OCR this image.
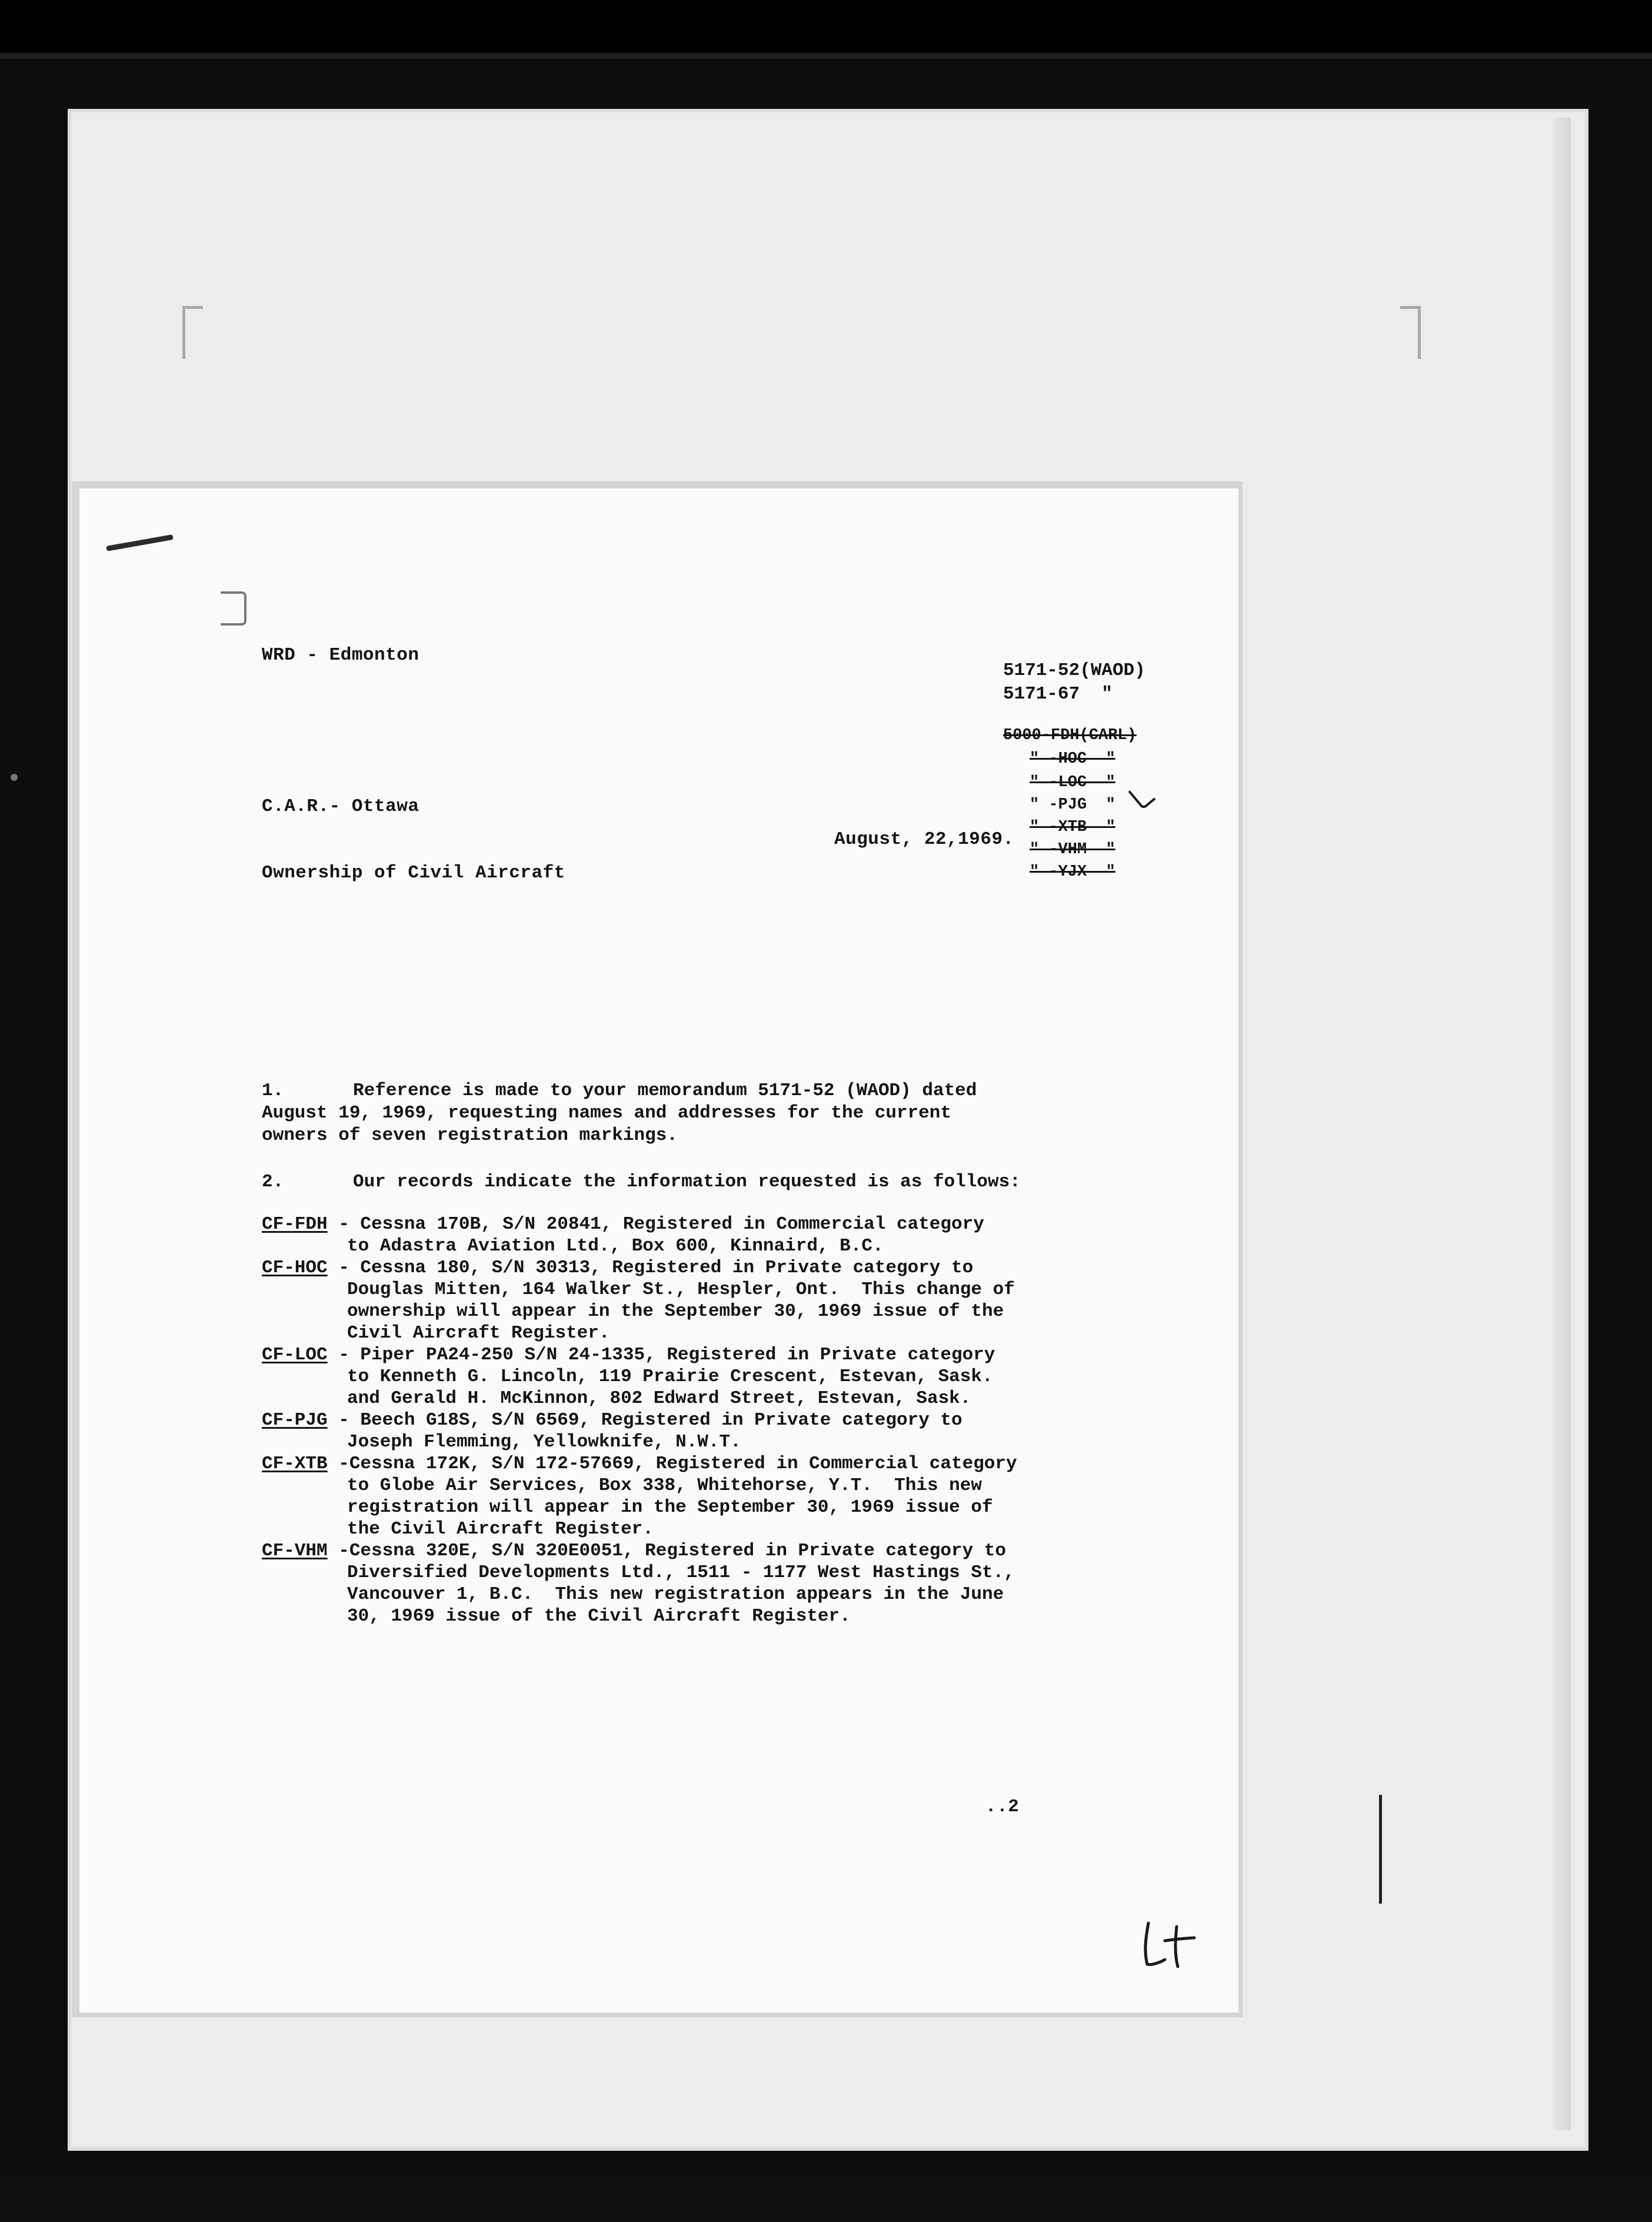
WRD - Edmonton
5171-52(WAOD)
5171-67  "
5000-FDH(CARL)
" -HOC  "
" -LOC  "
" -PJG  "
" -XTB  "
" -VHM  "
" -YJX  "
C.A.R.- Ottawa
August, 22,1969.
Ownership of Civil Aircraft
1.	Reference is made to your memorandum 5171-52 (WAOD) dated
August 19, 1969, requesting names and addresses for the current
owners of seven registration markings.
2.	Our records indicate the information requested is as follows:
CF-FDH - Cessna 170B, S/N 20841, Registered in Commercial category
to Adastra Aviation Ltd., Box 600, Kinnaird, B.C.
CF-HOC - Cessna 180, S/N 30313, Registered in Private category to
Douglas Mitten, 164 Walker St., Hespler, Ont.  This change of
ownership will appear in the September 30, 1969 issue of the
Civil Aircraft Register.
CF-LOC - Piper PA24-250 S/N 24-1335, Registered in Private category
to Kenneth G. Lincoln, 119 Prairie Crescent, Estevan, Sask.
and Gerald H. McKinnon, 802 Edward Street, Estevan, Sask.
CF-PJG - Beech G18S, S/N 6569, Registered in Private category to
Joseph Flemming, Yellowknife, N.W.T.
CF-XTB -Cessna 172K, S/N 172-57669, Registered in Commercial category
to Globe Air Services, Box 338, Whitehorse, Y.T.  This new
registration will appear in the September 30, 1969 issue of
the Civil Aircraft Register.
CF-VHM -Cessna 320E, S/N 320E0051, Registered in Private category to
Diversified Developments Ltd., 1511 - 1177 West Hastings St.,
Vancouver 1, B.C.  This new registration appears in the June
30, 1969 issue of the Civil Aircraft Register.
..2
